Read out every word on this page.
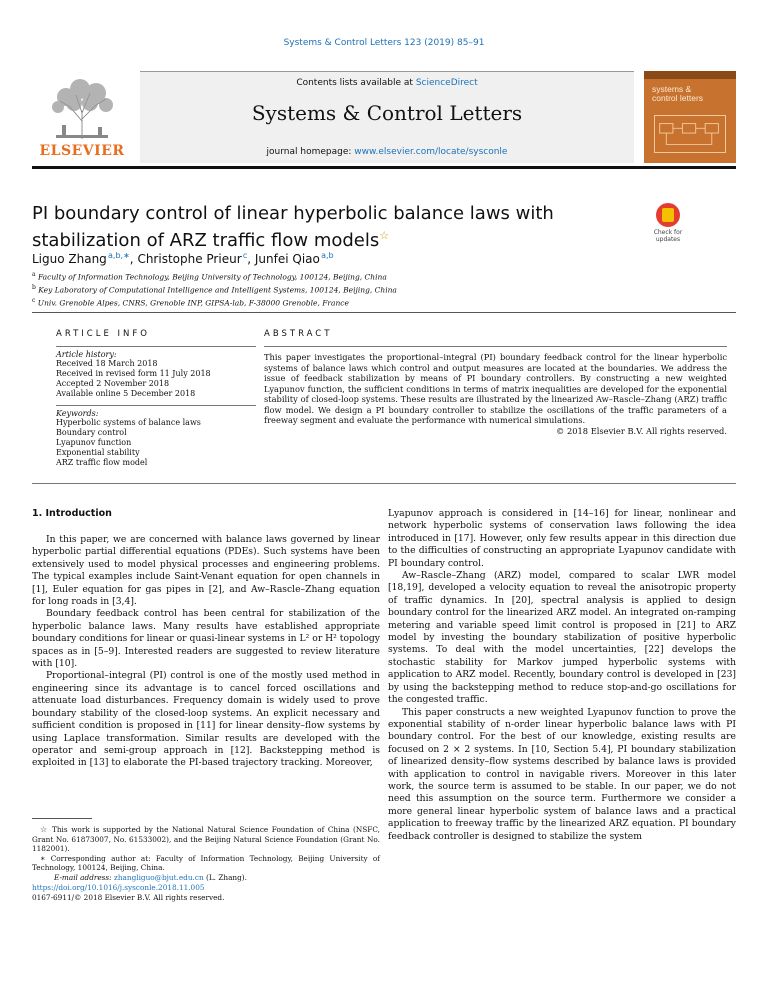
Systems & Control Letters 123 (2019) 85–91
ELSEVIER
Contents lists available at ScienceDirect
Systems & Control Letters
journal homepage: www.elsevier.com/locate/sysconle
systems &
control letters
PI boundary control of linear hyperbolic balance laws with stabilization of ARZ traffic flow models☆	Check for
updates
Liguo Zhang $^{a,b,∗}$, Christophe Prieur $^c$, Junfei Qiao $^{a,b}$
$^a$ Faculty of Information Technology, Beijing University of Technology, 100124, Beijing, China
$^b$ Key Laboratory of Computational Intelligence and Intelligent Systems, 100124, Beijing, China
$^c$ Univ. Grenoble Alpes, CNRS, Grenoble INP, GIPSA-lab, F-38000 Grenoble, France
ARTICLE INFO	ABSTRACT
Article history:
Received 18 March 2018
Received in revised form 11 July 2018
Accepted 2 November 2018
Available online 5 December 2018
Keywords:
Hyperbolic systems of balance laws
Boundary control
Lyapunov function
Exponential stability
ARZ traffic flow model

This paper investigates the proportional–integral (PI) boundary feedback control for the linear hyperbolic systems of balance laws which control and output measures are located at the boundaries. We address the issue of feedback stabilization by means of PI boundary controllers. By constructing a new weighted Lyapunov function, the sufficient conditions in terms of matrix inequalities are developed for the exponential stability of closed-loop systems. These results are illustrated by the linearized Aw–Rascle–Zhang (ARZ) traffic flow model. We design a PI boundary controller to stabilize the oscillations of the traffic parameters of a freeway segment and evaluate the performance with numerical simulations.

© 2018 Elsevier B.V. All rights reserved.

1. Introduction

In this paper, we are concerned with balance laws governed by linear hyperbolic partial differential equations (PDEs). Such systems have been extensively used to model physical processes and engineering problems. The typical examples include Saint-Venant equation for open channels in [1], Euler equation for gas pipes in [2], and Aw–Rascle–Zhang equation for long roads in [3,4].

Boundary feedback control has been central for stabilization of the hyperbolic balance laws. Many results have established appropriate boundary conditions for linear or quasi-linear systems in L² or H² topology spaces as in [5–9]. Interested readers are suggested to review literature with [10].

Proportional–integral (PI) control is one of the mostly used method in engineering since its advantage is to cancel forced oscillations and attenuate load disturbances. Frequency domain is widely used to prove boundary stability of the closed-loop systems. An explicit necessary and sufficient condition is proposed in [11] for linear density–flow systems by using Laplace transformation. Similar results are developed with the operator and semi-group approach in [12]. Backstepping method is exploited in [13] to elaborate the PI-based trajectory tracking. Moreover,

Lyapunov approach is considered in [14–16] for linear, nonlinear and network hyperbolic systems of conservation laws following the idea introduced in [17]. However, only few results appear in this direction due to the difficulties of constructing an appropriate Lyapunov candidate with PI boundary control.

Aw–Rascle–Zhang (ARZ) model, compared to scalar LWR model [18,19], developed a velocity equation to reveal the anisotropic property of traffic dynamics. In [20], spectral analysis is applied to design boundary control for the linearized ARZ model. An integrated on-ramping metering and variable speed limit control is proposed in [21] to ARZ model by investing the boundary stabilization of positive hyperbolic systems. To deal with the model uncertainties, [22] develops the stochastic stability for Markov jumped hyperbolic systems with application to ARZ model. Recently, boundary control is developed in [23] by using the backstepping method to reduce stop-and-go oscillations for the congested traffic.

This paper constructs a new weighted Lyapunov function to prove the exponential stability of n-order linear hyperbolic balance laws with PI boundary control. For the best of our knowledge, existing results are focused on 2 × 2 systems. In [10, Section 5.4], PI boundary stabilization of linearized density–flow systems described by balance laws is provided with application to control in navigable rivers. Moreover in this later work, the source term is assumed to be stable. In our paper, we do not need this assumption on the source term. Furthermore we consider a more general linear hyperbolic system of balance laws and a practical application to freeway traffic by the linearized ARZ equation. PI boundary feedback controller is designed to stabilize the system

☆ This work is supported by the National Natural Science Foundation of China (NSFC, Grant No. 61873007, No. 61533002), and the Beijing Natural Science Foundation (Grant No. 1182001).
∗ Corresponding author at: Faculty of Information Technology, Beijing University of Technology, 100124, Beijing, China.
E-mail address: zhangliguo@bjut.edu.cn (L. Zhang).
https://doi.org/10.1016/j.sysconle.2018.11.005
0167-6911/© 2018 Elsevier B.V. All rights reserved.
